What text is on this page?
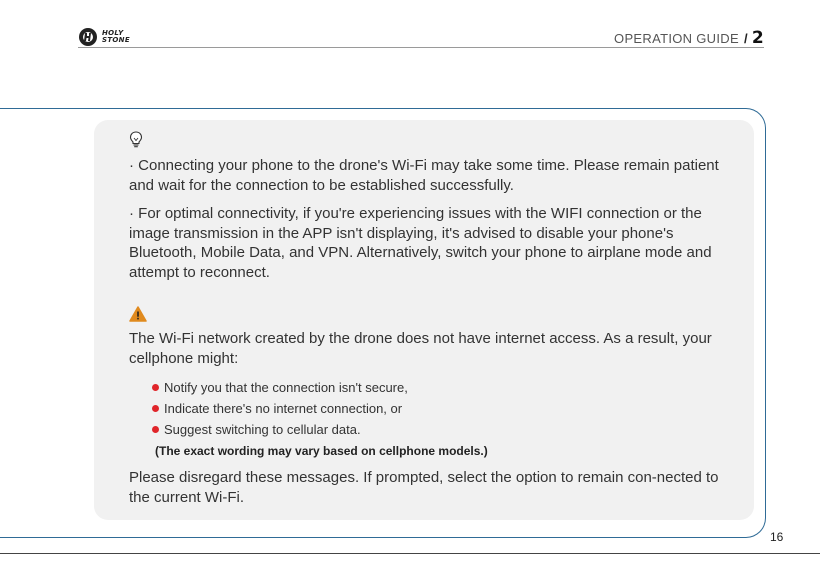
HOLY
STONE	OPERATION GUIDE / 2

· Connecting your phone to the drone's Wi-Fi may take some time. Please remain patient and wait for the connection to be established successfully.

· For optimal connectivity, if you're experiencing issues with the WIFI connection or the image transmission in the APP isn't displaying, it's advised to disable your phone's Bluetooth, Mobile Data, and VPN. Alternatively, switch your phone to airplane mode and attempt to reconnect.

The Wi-Fi network created by the drone does not have internet access. As a result, your cellphone might:

Notify you that the connection isn't secure,
Indicate there's no internet connection, or
Suggest switching to cellular data.
(The exact wording may vary based on cellphone models.)

Please disregard these messages. If prompted, select the option to remain con-nected to the current Wi-Fi.

16
